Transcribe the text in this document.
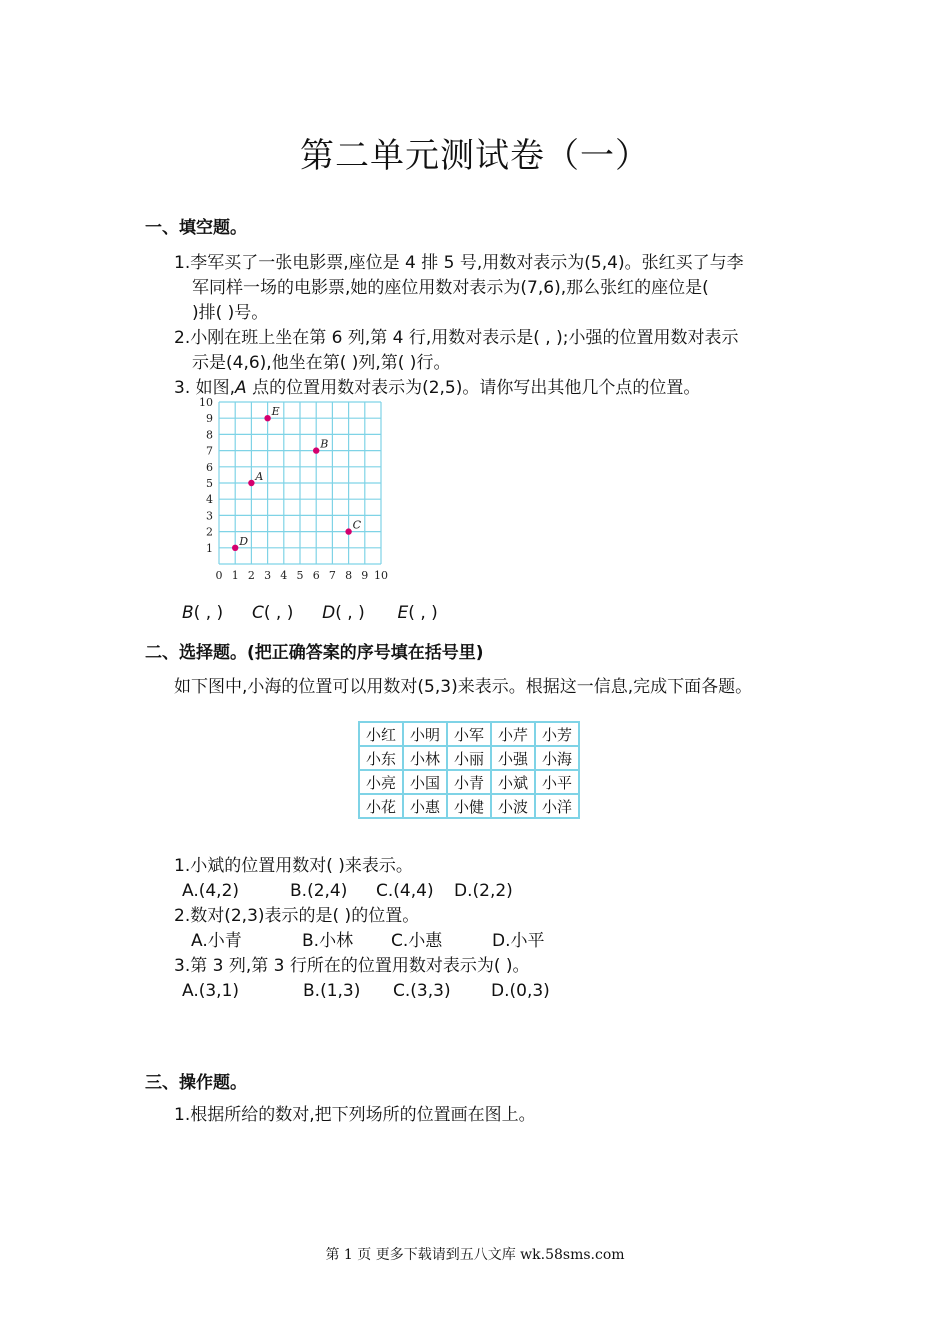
第二单元测试卷（一）
一、填空题。
1.李军买了一张电影票,座位是 4 排 5 号,用数对表示为(5,4)。张红买了与李
军同样一场的电影票,她的座位用数对表示为(7,6),那么张红的座位是(
)排( )号。
2.小刚在班上坐在第 6 列,第 4 行,用数对表示是( , );小强的位置用数对表示
示是(4,6),他坐在第( )列,第( )行。
3. 如图,A 点的位置用数对表示为(2,5)。请你写出其他几个点的位置。
0 1 2 3 4 5 6 7 8 9 10
1
2
3
4
5
6
7
8
9
10
A
B
C
D
E
B( , ) C( , ) D( , ) E( , )
二、选择题。(把正确答案的序号填在括号里)
如下图中,小海的位置可以用数对(5,3)来表示。根据这一信息,完成下面各题。
小红	小明	小军	小芹	小芳
小东	小林	小丽	小强	小海
小亮	小国	小青	小斌	小平
小花	小惠	小健	小波	小洋
1.小斌的位置用数对( )来表示。
A.(4,2)	B.(2,4) C.(4,4) D.(2,2)
2.数对(2,3)表示的是( )的位置。
A.小青	B.小林 C.小惠	D.小平
3.第 3 列,第 3 行所在的位置用数对表示为( )。
A.(3,1)	B.(1,3) C.(3,3) D.(0,3)
三、操作题。
1.根据所给的数对,把下列场所的位置画在图上。
第 1 页 更多下载请到五八文库 wk.58sms.com
